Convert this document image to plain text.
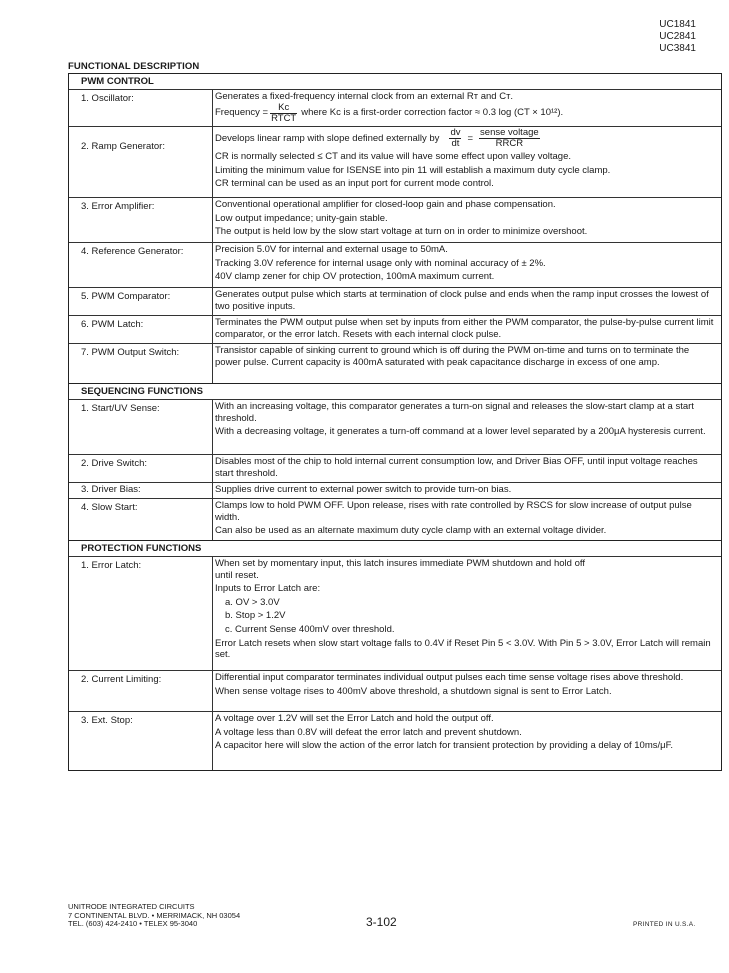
UC1841
UC2841
UC3841
FUNCTIONAL DESCRIPTION
PWM CONTROL
1. Oscillator:	Generates a fixed-frequency internal clock from an external Rᴛ and Cᴛ.
Frequency = $\frac{Kc}{\text{RTCT}}$ where Kc is a first-order correction factor ≈ 0.3 log (CT × 10¹²).
2. Ramp Generator:
Develops linear ramp with slope defined externally by $\frac{dv}{dt} = \frac{\text{sense voltage}}{\text{RRCR}}$
CR is normally selected ≤ CT and its value will have some effect upon valley voltage.
Limiting the minimum value for ISENSE into pin 11 will establish a maximum duty cycle clamp.
CR terminal can be used as an input port for current mode control.
3. Error Amplifier:	Conventional operational amplifier for closed-loop gain and phase compensation.
Low output impedance; unity-gain stable.
The output is held low by the slow start voltage at turn on in order to minimize overshoot.
4. Reference Generator:	Precision 5.0V for internal and external usage to 50mA.
Tracking 3.0V reference for internal usage only with nominal accuracy of ± 2%.
40V clamp zener for chip OV protection, 100mA maximum current.
5. PWM Comparator:	Generates output pulse which starts at termination of clock pulse and ends when the ramp input crosses the lowest of two positive inputs.
6. PWM Latch:	Terminates the PWM output pulse when set by inputs from either the PWM comparator, the pulse-by-pulse current limit comparator, or the error latch. Resets with each internal clock pulse.
7. PWM Output Switch:	Transistor capable of sinking current to ground which is off during the PWM on-time and turns on to terminate the power pulse. Current capacity is 400mA saturated with peak capacitance discharge in excess of one amp.
SEQUENCING FUNCTIONS
1. Start/UV Sense:	With an increasing voltage, this comparator generates a turn-on signal and releases the slow-start clamp at a start threshold.
With a decreasing voltage, it generates a turn-off command at a lower level separated by a 200μA hysteresis current.
2. Drive Switch:	Disables most of the chip to hold internal current consumption low, and Driver Bias OFF, until input voltage reaches start threshold.
3. Driver Bias:	Supplies drive current to external power switch to provide turn-on bias.
4. Slow Start:	Clamps low to hold PWM OFF. Upon release, rises with rate controlled by RSCS for slow increase of output pulse width.
Can also be used as an alternate maximum duty cycle clamp with an external voltage divider.
PROTECTION FUNCTIONS
1. Error Latch:	When set by momentary input, this latch insures immediate PWM shutdown and hold off until reset.
Inputs to Error Latch are:
a. OV > 3.0V
b. Stop > 1.2V
c. Current Sense 400mV over threshold.
Error Latch resets when slow start voltage falls to 0.4V if Reset Pin 5 < 3.0V. With Pin 5 > 3.0V, Error Latch will remain set.
2. Current Limiting:	Differential input comparator terminates individual output pulses each time sense voltage rises above threshold.
When sense voltage rises to 400mV above threshold, a shutdown signal is sent to Error Latch.
3. Ext. Stop:	A voltage over 1.2V will set the Error Latch and hold the output off.
A voltage less than 0.8V will defeat the error latch and prevent shutdown.
A capacitor here will slow the action of the error latch for transient protection by providing a delay of 10ms/μF.
UNITRODE INTEGRATED CIRCUITS
7 CONTINENTAL BLVD. • MERRIMACK, NH 03054
TEL. (603) 424-2410 • TELEX 95-3040	3-102	PRINTED IN U.S.A.
